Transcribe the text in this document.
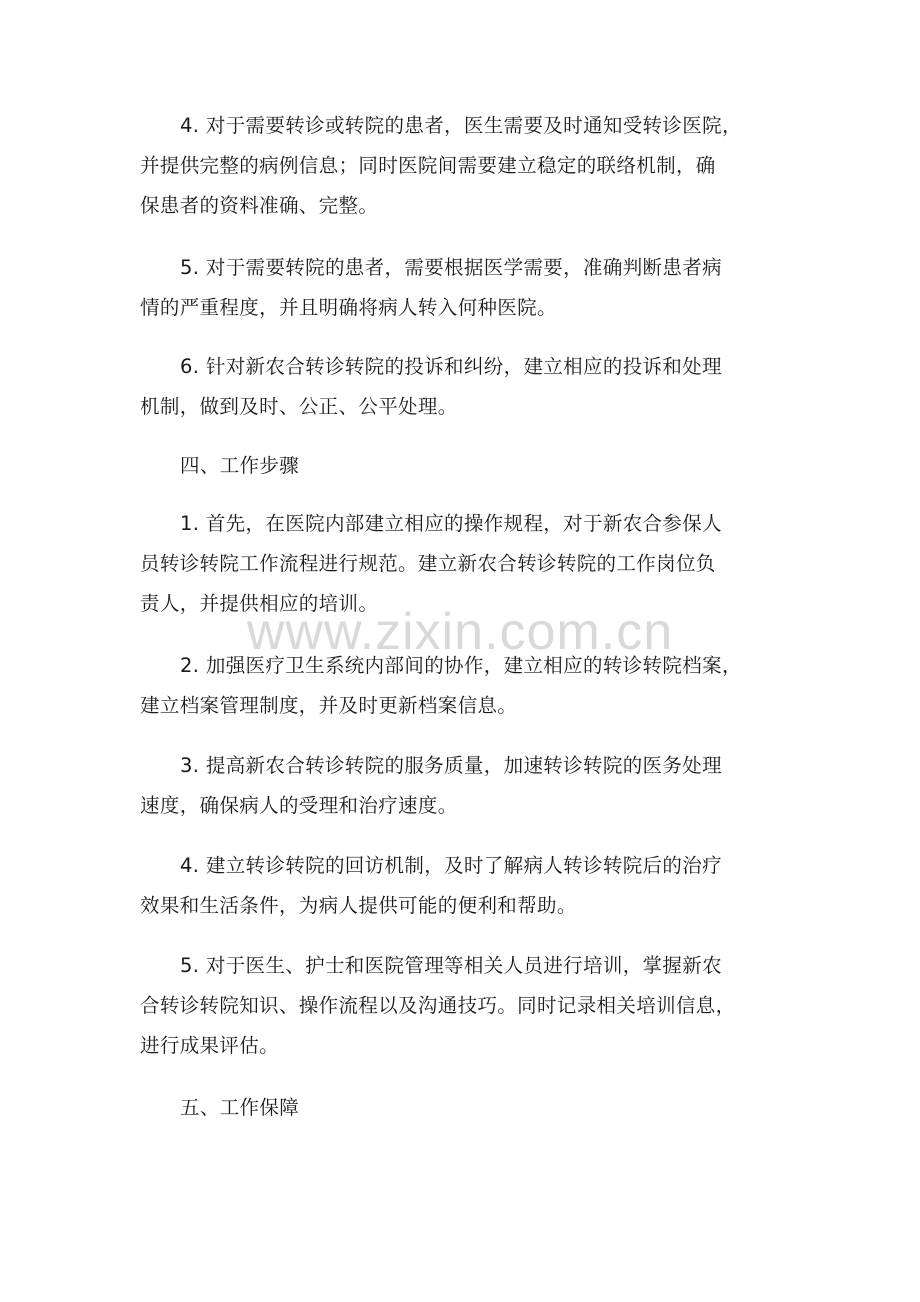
4. 对于需要转诊或转院的患者，医生需要及时通知受转诊医院，
并提供完整的病例信息；同时医院间需要建立稳定的联络机制，确
保患者的资料准确、完整。
5. 对于需要转院的患者，需要根据医学需要，准确判断患者病
情的严重程度，并且明确将病人转入何种医院。
6. 针对新农合转诊转院的投诉和纠纷，建立相应的投诉和处理
机制，做到及时、公正、公平处理。
四、工作步骤
1. 首先，在医院内部建立相应的操作规程，对于新农合参保人
员转诊转院工作流程进行规范。建立新农合转诊转院的工作岗位负
责人，并提供相应的培训。
2. 加强医疗卫生系统内部间的协作，建立相应的转诊转院档案，
建立档案管理制度，并及时更新档案信息。
3. 提高新农合转诊转院的服务质量，加速转诊转院的医务处理
速度，确保病人的受理和治疗速度。
4. 建立转诊转院的回访机制，及时了解病人转诊转院后的治疗
效果和生活条件，为病人提供可能的便利和帮助。
5. 对于医生、护士和医院管理等相关人员进行培训，掌握新农
合转诊转院知识、操作流程以及沟通技巧。同时记录相关培训信息，
进行成果评估。
五、工作保障
www.zixin.com.cn
